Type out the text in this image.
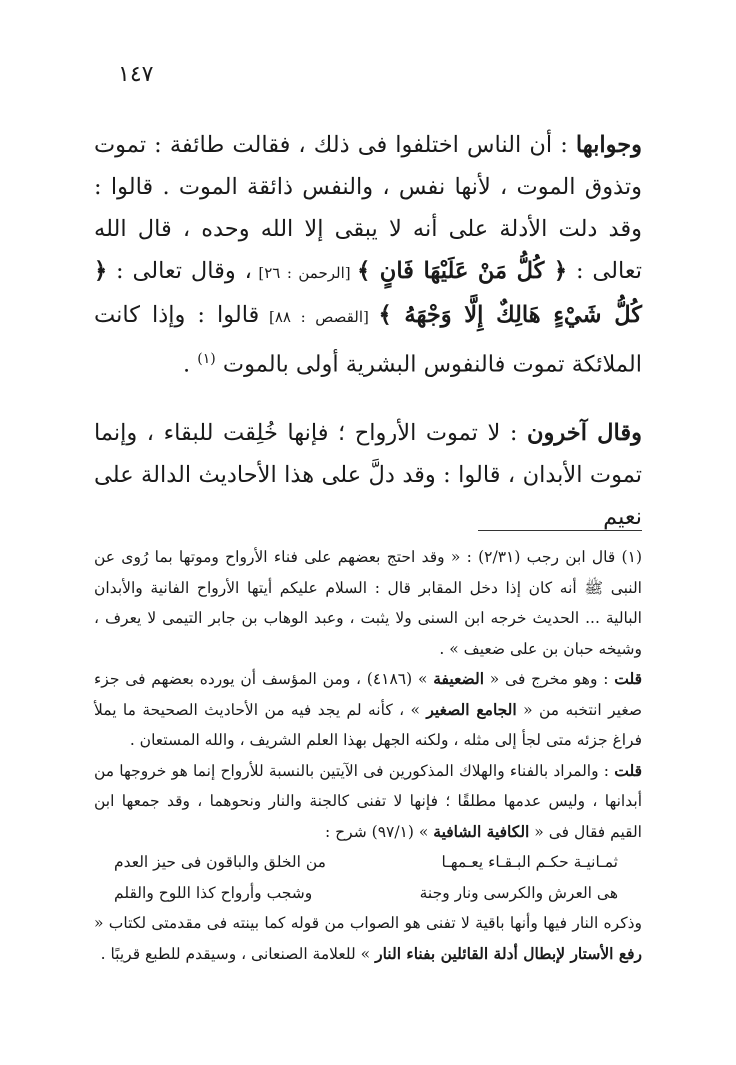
١٤٧

وجوابها : أن الناس اختلفوا فى ذلك ، فقالت طائفة : تموت وتذوق الموت ، لأنها نفس ، والنفس ذائقة الموت . قالوا : وقد دلت الأدلة على أنه لا يبقى إلا الله وحده ، قال الله تعالى : ﴿ كُلُّ مَنْ عَلَيْهَا فَانٍ ﴾ [الرحمن : ٢٦] ، وقال تعالى : ﴿ كُلُّ شَيْءٍ هَالِكٌ إِلَّا وَجْهَهُ ﴾ [القصص : ٨٨] قالوا : وإذا كانت الملائكة تموت فالنفوس البشرية أولى بالموت $^{(١)}$ .

وقال آخرون : لا تموت الأرواح ؛ فإنها خُلِقت للبقاء ، وإنما تموت الأبدان ، قالوا : وقد دلَّ على هذا الأحاديث الدالة على نعيم

(١) قال ابن رجب (٢/٣١) : « وقد احتج بعضهم على فناء الأرواح وموتها بما رُوى عن النبى ﷺ أنه كان إذا دخل المقابر قال : السلام عليكم أيتها الأرواح الفانية والأبدان البالية ... الحديث خرجه ابن السنى ولا يثبت ، وعبد الوهاب بن جابر التيمى لا يعرف ، وشيخه حبان بن على ضعيف » .

قلت : وهو مخرج فى « الضعيفة » (٤١٨٦) ، ومن المؤسف أن يورده بعضهم فى جزء صغير انتخبه من « الجامع الصغير » ، كأنه لم يجد فيه من الأحاديث الصحيحة ما يملأ فراغ جزئه متى لجأ إلى مثله ، ولكنه الجهل بهذا العلم الشريف ، والله المستعان .

قلت : والمراد بالفناء والهلاك المذكورين فى الآيتين بالنسبة للأرواح إنما هو خروجها من أبدانها ، وليس عدمها مطلقًا ؛ فإنها لا تفنى كالجنة والنار ونحوهما ، وقد جمعها ابن القيم فقال فى « الكافية الشافية » (٩٧/١) شرح :

ثمـانيـة حكـم البـقـاء يعـمهـا
من الخلق والباقون فى حيز العدم
هى العرش والكرسى ونار وجنة
وشجب وأرواح كذا اللوح والقلم

وذكره النار فيها وأنها باقية لا تفنى هو الصواب من قوله كما بينته فى مقدمتى لكتاب « رفع الأستار لإبطال أدلة القائلين بفناء النار » للعلامة الصنعانى ، وسيقدم للطبع قريبًا .
